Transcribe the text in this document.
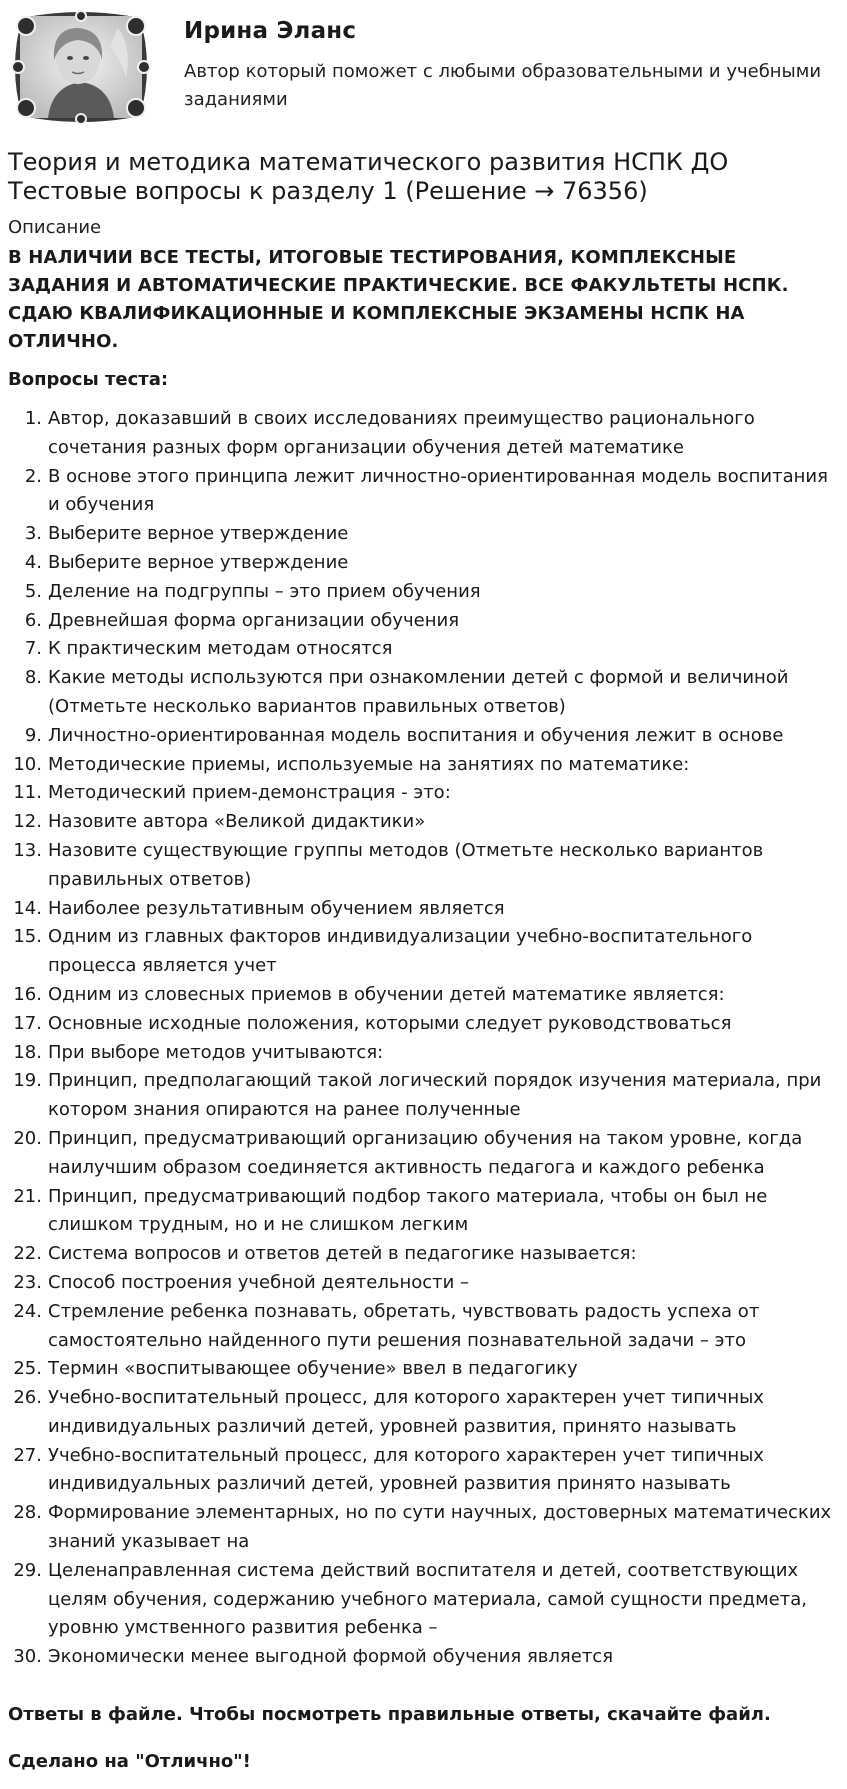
Ирина Эланс
Автор который поможет с любыми образовательными и учебными заданиями
Теория и методика математического развития НСПК ДО
Тестовые вопросы к разделу 1 (Решение → 76356)
Описание

В НАЛИЧИИ ВСЕ ТЕСТЫ, ИТОГОВЫЕ ТЕСТИРОВАНИЯ, КОМПЛЕКСНЫЕ ЗАДАНИЯ И АВТОМАТИЧЕСКИЕ ПРАКТИЧЕСКИЕ. ВСЕ ФАКУЛЬТЕТЫ НСПК. СДАЮ КВАЛИФИКАЦИОННЫЕ И КОМПЛЕКСНЫЕ ЭКЗАМЕНЫ НСПК НА ОТЛИЧНО.

Вопросы теста:
1. Автор, доказавший в своих исследованиях преимущество рационального сочетания разных форм организации обучения детей математике
2. В основе этого принципа лежит личностно-ориентированная модель воспитания и обучения
3. Выберите верное утверждение
4. Выберите верное утверждение
5. Деление на подгруппы – это прием обучения
6. Древнейшая форма организации обучения
7. К практическим методам относятся
8. Какие методы используются при ознакомлении детей с формой и величиной (Отметьте несколько вариантов правильных ответов)
9. Личностно-ориентированная модель воспитания и обучения лежит в основе
10. Методические приемы, используемые на занятиях по математике:
11. Методический прием-демонстрация - это:
12. Назовите автора «Великой дидактики»
13. Назовите существующие группы методов (Отметьте несколько вариантов правильных ответов)
14. Наиболее результативным обучением является
15. Одним из главных факторов индивидуализации учебно-воспитательного процесса является учет
16. Одним из словесных приемов в обучении детей математике является:
17. Основные исходные положения, которыми следует руководствоваться
18. При выборе методов учитываются:
19. Принцип, предполагающий такой логический порядок изучения материала, при котором знания опираются на ранее полученные
20. Принцип, предусматривающий организацию обучения на таком уровне, когда наилучшим образом соединяется активность педагога и каждого ребенка
21. Принцип, предусматривающий подбор такого материала, чтобы он был не слишком трудным, но и не слишком легким
22. Система вопросов и ответов детей в педагогике называется:
23. Способ построения учебной деятельности –
24. Стремление ребенка познавать, обретать, чувствовать радость успеха от самостоятельно найденного пути решения познавательной задачи – это
25. Термин «воспитывающее обучение» ввел в педагогику
26. Учебно-воспитательный процесс, для которого характерен учет типичных индивидуальных различий детей, уровней развития, принято называть
27. Учебно-воспитательный процесс, для которого характерен учет типичных индивидуальных различий детей, уровней развития принято называть
28. Формирование элементарных, но по сути научных, достоверных математических знаний указывает на
29. Целенаправленная система действий воспитателя и детей, соответствующих целям обучения, содержанию учебного материала, самой сущности предмета, уровню умственного развития ребенка –
30. Экономически менее выгодной формой обучения является

Ответы в файле. Чтобы посмотреть правильные ответы, скачайте файл.

Сделано на "Отлично"!
